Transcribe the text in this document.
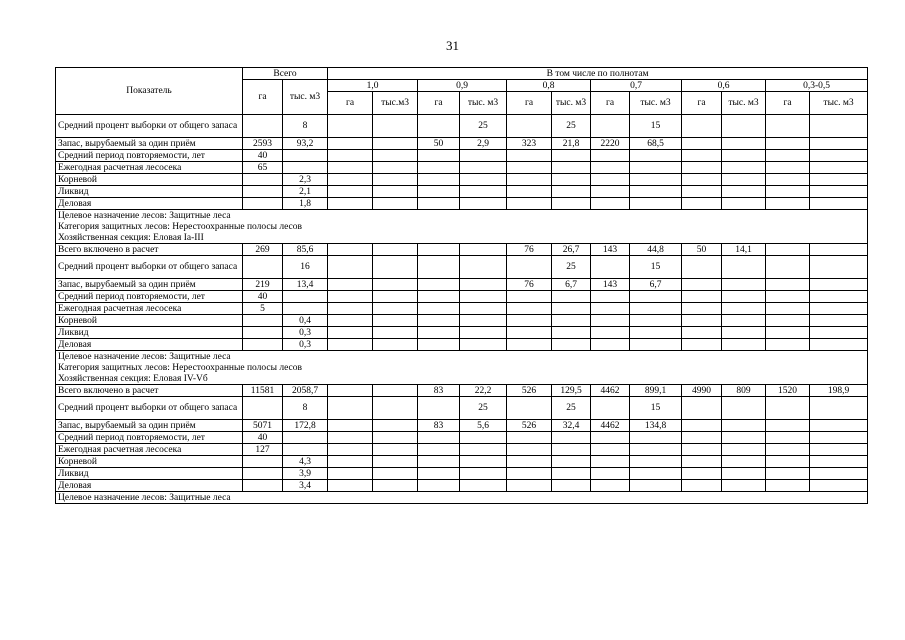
31
Показатель	Всего		В том числе по полнотам											
	га	тыс. м3	1,0		0,9		0,8		0,7		0,6		0,3-0,5	
			га	тыс.м3	га	тыс. м3	га	тыс. м3	га	тыс. м3	га	тыс. м3	га	тыс. м3
Средний процент выборки от общего запаса		8				25		25		15				
Запас, вырубаемый за один приём	2593	93,2			50	2,9	323	21,8	2220	68,5				
Средний период повторяемости, лет	40													
Ежегодная расчетная лесосека	65													
Корневой		2,3												
Ликвид		2,1												
Деловая		1,8												
Целевое назначение лесов: Защитные леса														
Категория защитных лесов: Нерестоохранные полосы лесов														
Хозяйственная секция: Еловая Iа-III														
Всего включено в расчет	269	85,6					76	26,7	143	44,8	50	14,1		
Средний процент выборки от общего запаса		16						25		15				
Запас, вырубаемый за один приём	219	13,4					76	6,7	143	6,7				
Средний период повторяемости, лет	40													
Ежегодная расчетная лесосека	5													
Корневой		0,4												
Ликвид		0,3												
Деловая		0,3												
Целевое назначение лесов: Защитные леса														
Категория защитных лесов: Нерестоохранные полосы лесов														
Хозяйственная секция: Еловая IV-Vб														
Всего включено в расчет	11581	2058,7			83	22,2	526	129,5	4462	899,1	4990	809	1520	198,9
Средний процент выборки от общего запаса		8				25		25		15				
Запас, вырубаемый за один приём	5071	172,8			83	5,6	526	32,4	4462	134,8				
Средний период повторяемости, лет	40													
Ежегодная расчетная лесосека	127													
Корневой		4,3												
Ликвид		3,9												
Деловая		3,4												
Целевое назначение лесов: Защитные леса														
